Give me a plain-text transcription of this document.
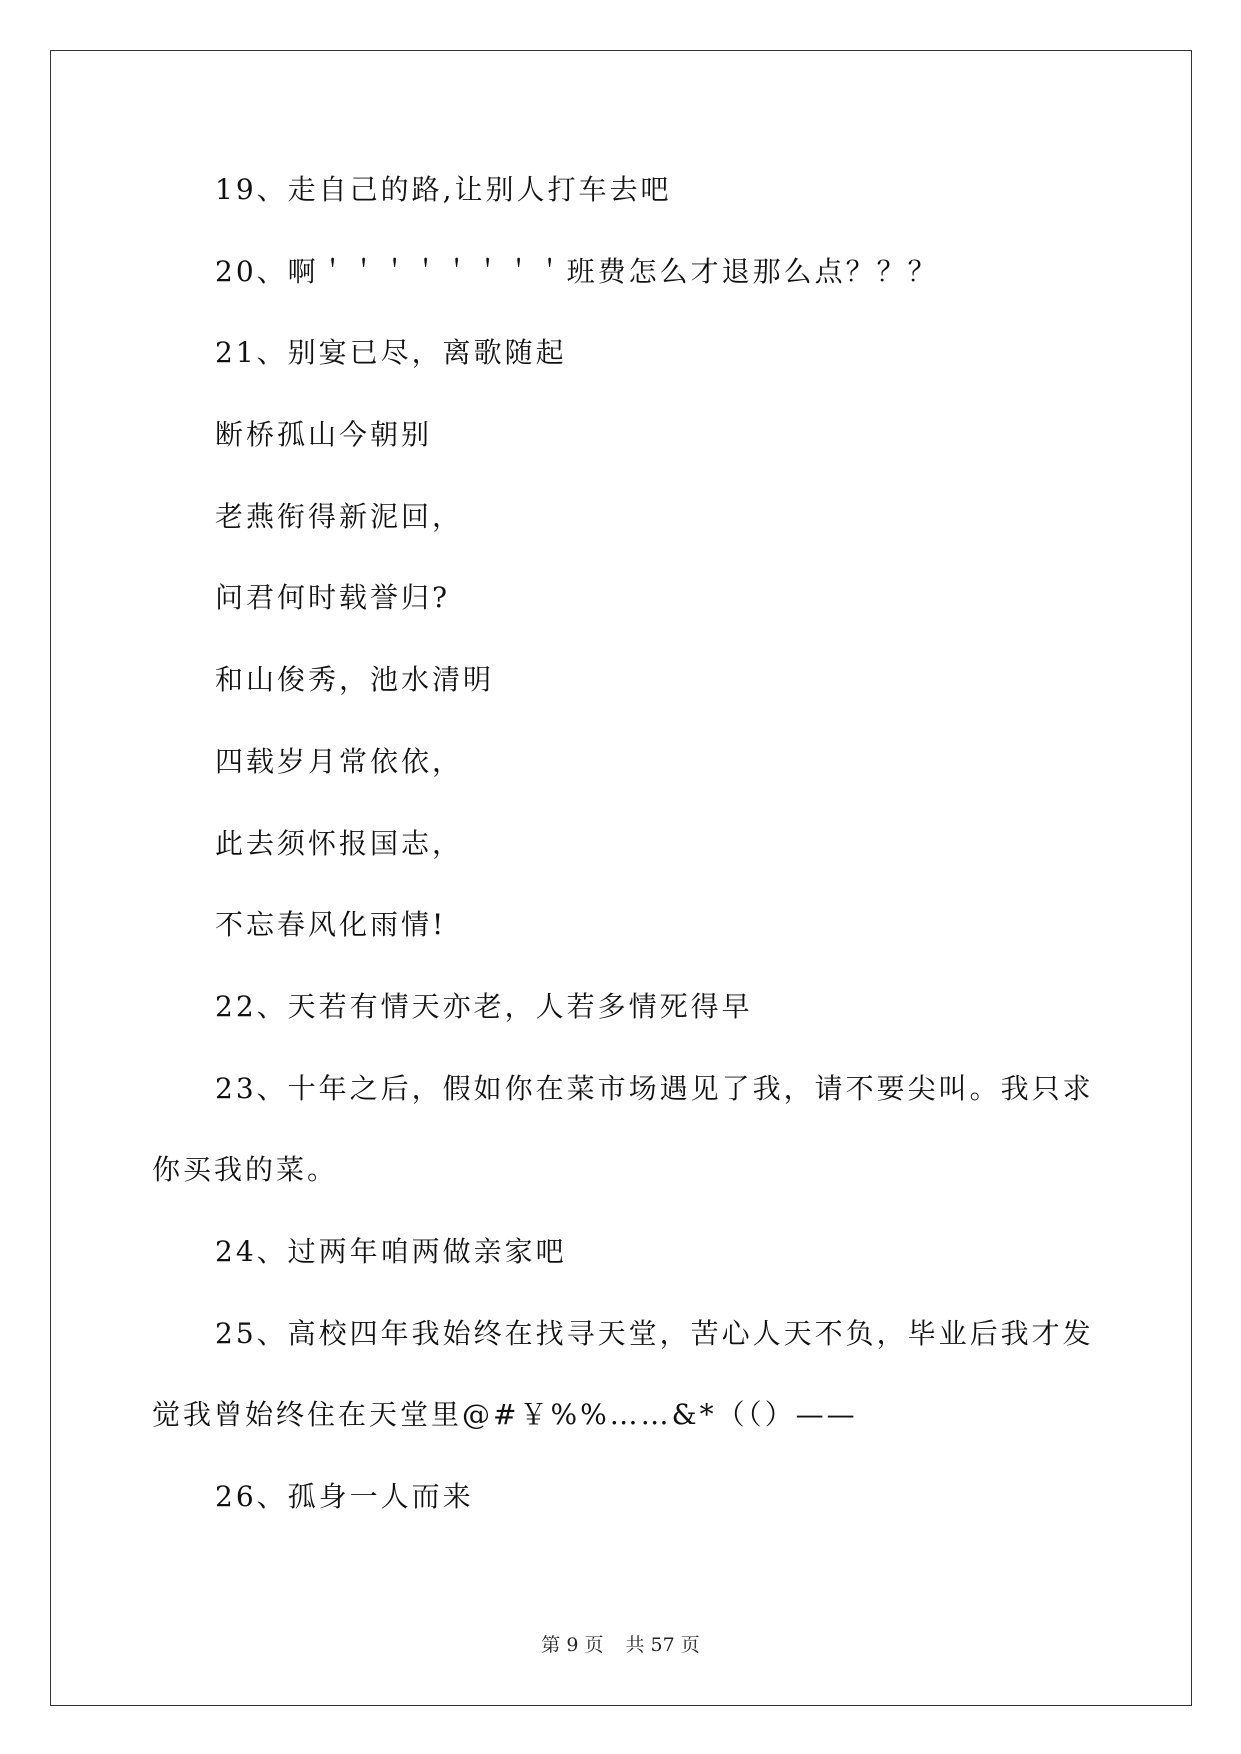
19、走自己的路,让别人打车去吧
20、啊＇＇＇＇＇＇＇＇班费怎么才退那么点？？？
21、别宴已尽，离歌随起
断桥孤山今朝别
老燕衔得新泥回，
问君何时载誉归?
和山俊秀，池水清明
四载岁月常依依，
此去须怀报国志，
不忘春风化雨情!
22、天若有情天亦老，人若多情死得早
23、十年之后，假如你在菜市场遇见了我，请不要尖叫。我只求
你买我的菜。
24、过两年咱两做亲家吧
25、高校四年我始终在找寻天堂，苦心人天不负，毕业后我才发
觉我曾始终住在天堂里@#￥%%……&*（（）——
26、孤身一人而来
第 9 页 共 57 页
